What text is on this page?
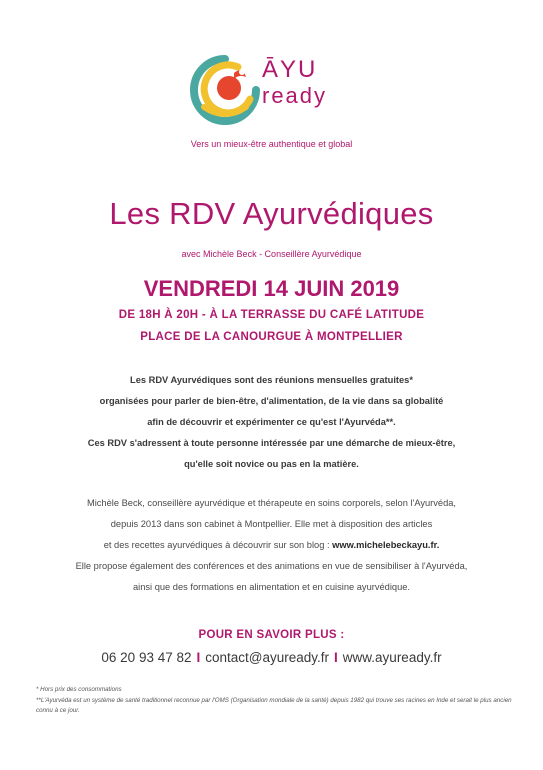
ĀYU
ready
Vers un mieux-être authentique et global
Les RDV Ayurvédiques
avec Michèle Beck - Conseillère Ayurvédique
VENDREDI 14 JUIN 2019
DE 18H À 20H - À LA TERRASSE DU CAFÉ LATITUDE
PLACE DE LA CANOURGUE À MONTPELLIER
Les RDV Ayurvédiques sont des réunions mensuelles gratuites*
organisées pour parler de bien-être, d'alimentation, de la vie dans sa globalité
afin de découvrir et expérimenter ce qu'est l'Ayurvéda**.
Ces RDV s'adressent à toute personne intéressée par une démarche de mieux-être,
qu'elle soit novice ou pas en la matière.
Michèle Beck, conseillère ayurvédique et thérapeute en soins corporels, selon l'Ayurvéda,
depuis 2013 dans son cabinet à Montpellier. Elle met à disposition des articles
et des recettes ayurvédiques à découvrir sur son blog : www.michelebeckayu.fr.
Elle propose également des conférences et des animations en vue de sensibiliser à l'Ayurvéda,
ainsi que des formations en alimentation et en cuisine ayurvédique.
POUR EN SAVOIR PLUS :
06 20 93 47 82 I contact@ayuready.fr I www.ayuready.fr
* Hors prix des consommations
**L'Ayurvéda est un système de santé traditionnel reconnue par l'OMS (Organisation mondiale de la santé) depuis 1982 qui trouve ses racines en Inde et serait le plus ancien connu à ce jour.
